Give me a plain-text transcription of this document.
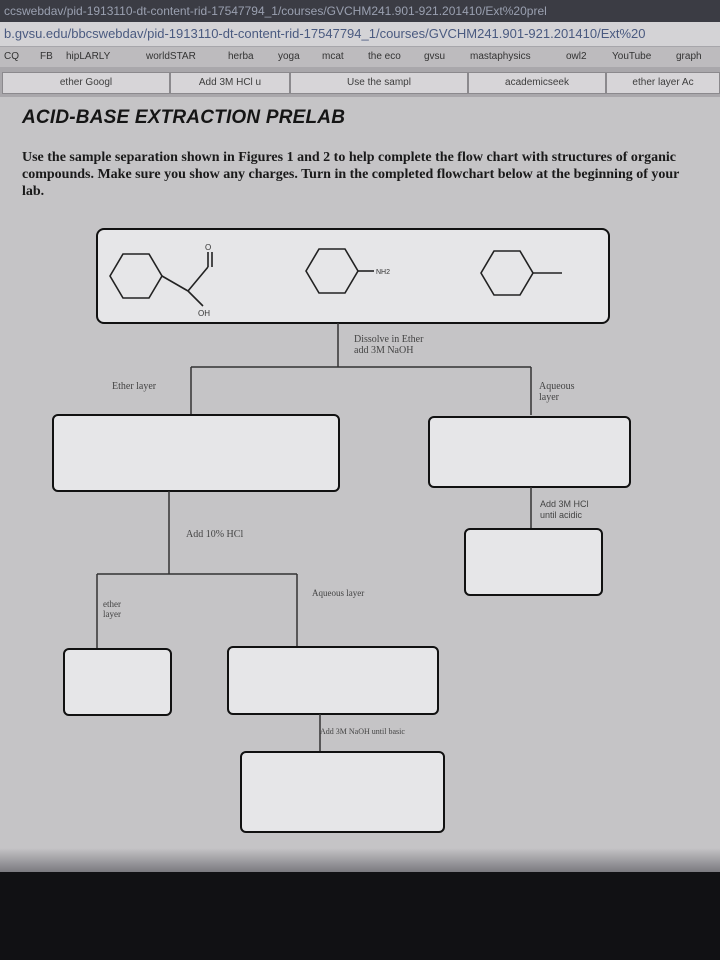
ccswebdav/pid-1913110-dt-content-rid-17547794_1/courses/GVCHM241.901-921.201410/Ext%20prel
b.gvsu.edu/bbcswebdav/pid-1913110-dt-content-rid-17547794_1/courses/GVCHM241.901-921.201410/Ext%20
CQ FB hipLARLY	worldSTAR	herba yoga mcat the eco gvsu mastaphysics	owl2	YouTube graph
ether Googl	Add 3M HCl u	Use the sampl	academicseek	ether layer Ac
ACID-BASE EXTRACTION PRELAB
Use the sample separation shown in Figures 1 and 2 to help complete the flow chart with structures of organic compounds. Make sure you show any charges. Turn in the completed flowchart below at the beginning of your lab.
O
OH
NH2
Dissolve in Ether
add 3M NaOH
Ether layer	Aqueous
layer
Add 3M HCl
until acidic
Add 10% HCl
ether
layer
Aqueous layer
Add 3M NaOH until basic
